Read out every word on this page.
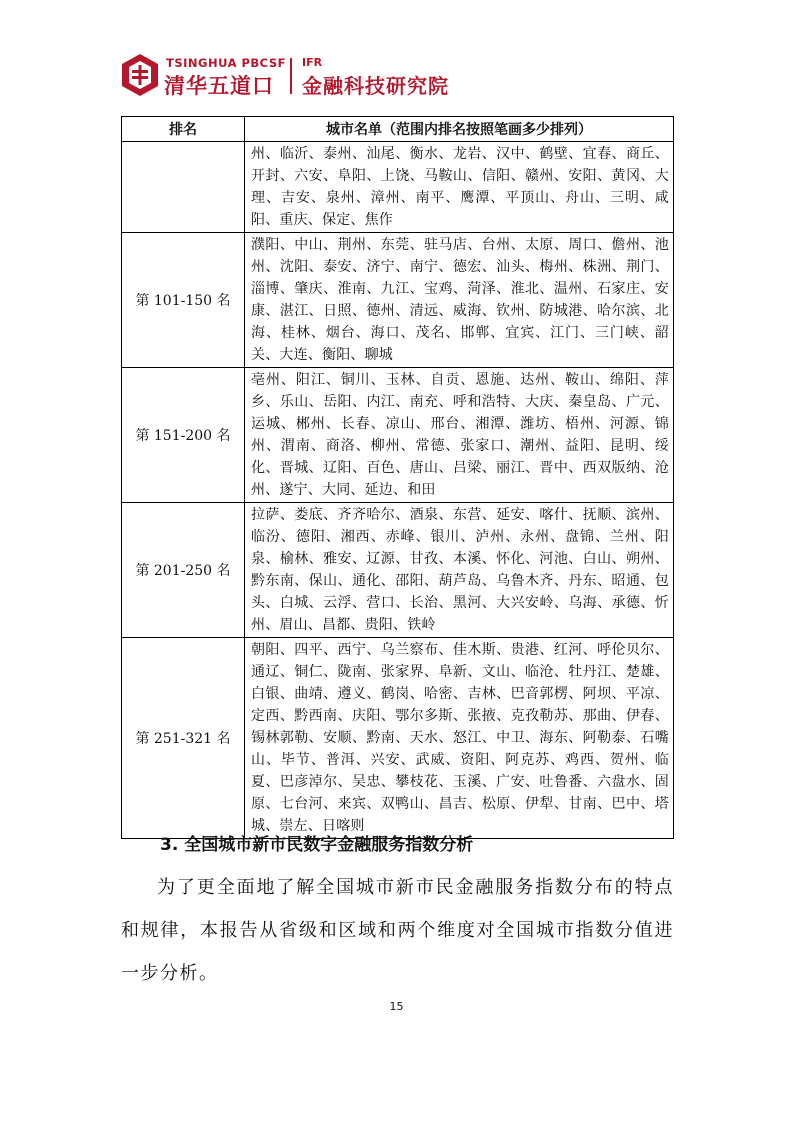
TSINGHUA PBCSF
清华五道口
IFR
金融科技研究院
排名	城市名单（范围内排名按照笔画多少排列）
	州、临沂、泰州、汕尾、衡水、龙岩、汉中、鹤壁、宜春、商丘、开封、六安、阜阳、上饶、马鞍山、信阳、赣州、安阳、黄冈、大理、吉安、泉州、漳州、南平、鹰潭、平顶山、舟山、三明、咸阳、重庆、保定、焦作
第 101-150 名	濮阳、中山、荆州、东莞、驻马店、台州、太原、周口、儋州、池州、沈阳、泰安、济宁、南宁、德宏、汕头、梅州、株洲、荆门、淄博、肇庆、淮南、九江、宝鸡、菏泽、淮北、温州、石家庄、安康、湛江、日照、德州、清远、威海、钦州、防城港、哈尔滨、北海、桂林、烟台、海口、茂名、邯郸、宜宾、江门、三门峡、韶关、大连、衡阳、聊城
第 151-200 名	亳州、阳江、铜川、玉林、自贡、恩施、达州、鞍山、绵阳、萍乡、乐山、岳阳、内江、南充、呼和浩特、大庆、秦皇岛、广元、运城、郴州、长春、凉山、邢台、湘潭、潍坊、梧州、河源、锦州、渭南、商洛、柳州、常德、张家口、潮州、益阳、昆明、绥化、晋城、辽阳、百色、唐山、吕梁、丽江、晋中、西双版纳、沧州、遂宁、大同、延边、和田
第 201-250 名	拉萨、娄底、齐齐哈尔、酒泉、东营、延安、喀什、抚顺、滨州、临汾、德阳、湘西、赤峰、银川、泸州、永州、盘锦、兰州、阳泉、榆林、雅安、辽源、甘孜、本溪、怀化、河池、白山、朔州、黔东南、保山、通化、邵阳、葫芦岛、乌鲁木齐、丹东、昭通、包头、白城、云浮、营口、长治、黑河、大兴安岭、乌海、承德、忻州、眉山、昌都、贵阳、铁岭
第 251-321 名	朝阳、四平、西宁、乌兰察布、佳木斯、贵港、红河、呼伦贝尔、通辽、铜仁、陇南、张家界、阜新、文山、临沧、牡丹江、楚雄、白银、曲靖、遵义、鹤岗、哈密、吉林、巴音郭楞、阿坝、平凉、定西、黔西南、庆阳、鄂尔多斯、张掖、克孜勒苏、那曲、伊春、锡林郭勒、安顺、黔南、天水、怒江、中卫、海东、阿勒泰、石嘴山、毕节、普洱、兴安、武威、资阳、阿克苏、鸡西、贺州、临夏、巴彦淖尔、吴忠、攀枝花、玉溪、广安、吐鲁番、六盘水、固原、七台河、来宾、双鸭山、昌吉、松原、伊犁、甘南、巴中、塔城、崇左、日喀则
3. 全国城市新市民数字金融服务指数分析
为了更全面地了解全国城市新市民金融服务指数分布的特点和规律，本报告从省级和区域和两个维度对全国城市指数分值进一步分析。
15
